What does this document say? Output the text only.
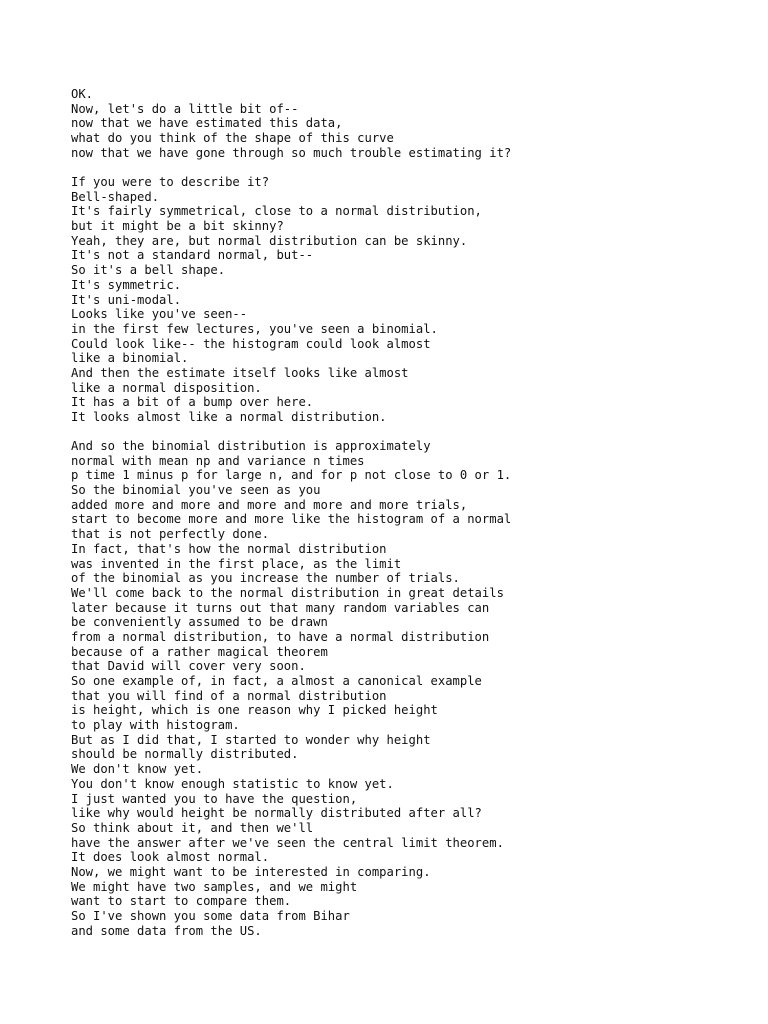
OK.
Now, let's do a little bit of--
now that we have estimated this data,
what do you think of the shape of this curve
now that we have gone through so much trouble estimating it?
If you were to describe it?
Bell-shaped.
It's fairly symmetrical, close to a normal distribution,
but it might be a bit skinny?
Yeah, they are, but normal distribution can be skinny.
It's not a standard normal, but--
So it's a bell shape.
It's symmetric.
It's uni-modal.
Looks like you've seen--
in the first few lectures, you've seen a binomial.
Could look like-- the histogram could look almost
like a binomial.
And then the estimate itself looks like almost
like a normal disposition.
It has a bit of a bump over here.
It looks almost like a normal distribution.
And so the binomial distribution is approximately
normal with mean np and variance n times
p time 1 minus p for large n, and for p not close to 0 or 1.
So the binomial you've seen as you
added more and more and more and more and more trials,
start to become more and more like the histogram of a normal
that is not perfectly done.
In fact, that's how the normal distribution
was invented in the first place, as the limit
of the binomial as you increase the number of trials.
We'll come back to the normal distribution in great details
later because it turns out that many random variables can
be conveniently assumed to be drawn
from a normal distribution, to have a normal distribution
because of a rather magical theorem
that David will cover very soon.
So one example of, in fact, a almost a canonical example
that you will find of a normal distribution
is height, which is one reason why I picked height
to play with histogram.
But as I did that, I started to wonder why height
should be normally distributed.
We don't know yet.
You don't know enough statistic to know yet.
I just wanted you to have the question,
like why would height be normally distributed after all?
So think about it, and then we'll
have the answer after we've seen the central limit theorem.
It does look almost normal.
Now, we might want to be interested in comparing.
We might have two samples, and we might
want to start to compare them.
So I've shown you some data from Bihar
and some data from the US.
